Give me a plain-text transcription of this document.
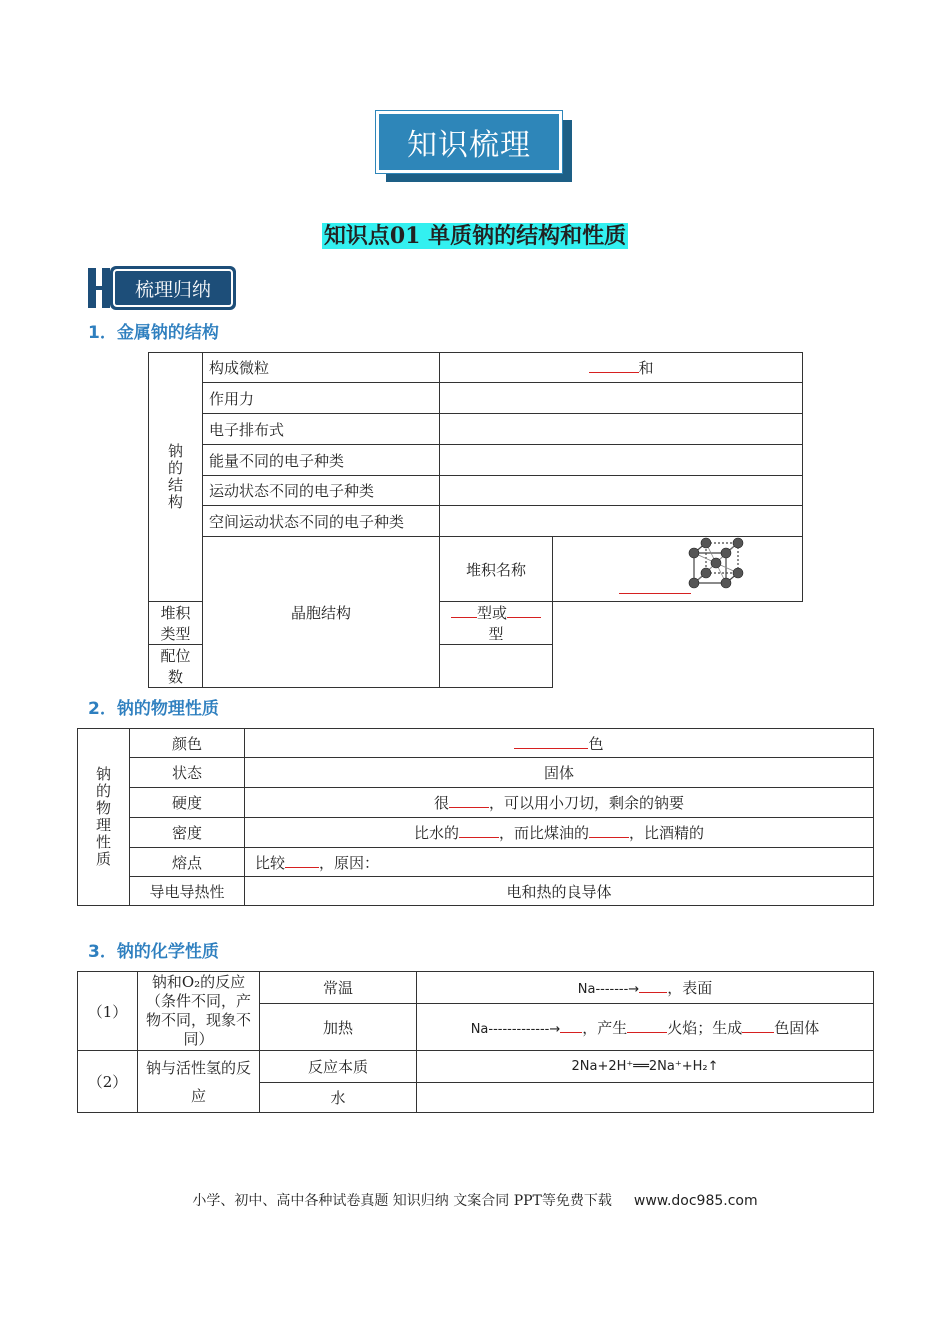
知识梳理
知识点01 单质钠的结构和性质
梳理归纳
1．金属钠的结构
钠的结构	构成微粒	和	
	作用力		
	电子排布式		
	能量不同的电子种类		
	运动状态不同的电子种类		
	空间运动状态不同的电子种类		
	晶胞结构	堆积名称	

堆积类型		型或型	
配位数			
2．钠的物理性质
钠的物理性质	颜色	色
	状态	固体
	硬度	很 ，可以用小刀切，剩余的钠要
	密度	比水的 ，而比煤油的 ，比酒精的
	熔点	比较 ，原因：
	导电导热性	电和热的良导体
3．钠的化学性质
（1）	钠和O₂的反应（条件不同，产物不同，现象不同）	常温	Na-------→ ，表面
		加热	Na-------------→ ，产生 火焰；生成 色固体
（2）	钠与活性氢的反应	反应本质	2Na+2H⁺══2Na⁺+H₂↑
		水	
小学、初中、高中各种试卷真题 知识归纳 文案合同 PPT等免费下载 www.doc985.com
